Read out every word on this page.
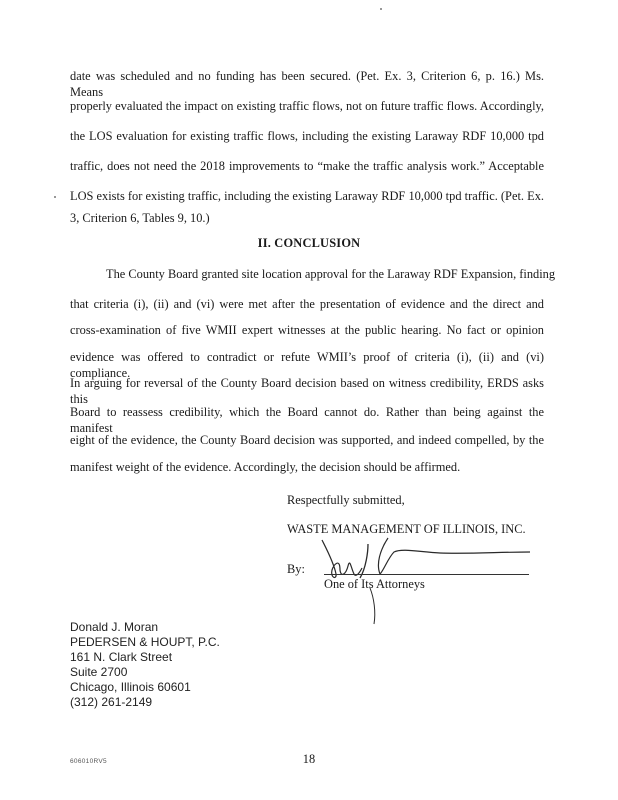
date was scheduled and no funding has been secured. (Pet. Ex. 3, Criterion 6, p. 16.) Ms. Means
properly evaluated the impact on existing traffic flows, not on future traffic flows. Accordingly,
the LOS evaluation for existing traffic flows, including the existing Laraway RDF 10,000 tpd
traffic, does not need the 2018 improvements to “make the traffic analysis work.” Acceptable
LOS exists for existing traffic, including the existing Laraway RDF 10,000 tpd traffic. (Pet. Ex.
3, Criterion 6, Tables 9, 10.)
II. CONCLUSION
The County Board granted site location approval for the Laraway RDF Expansion, finding
that criteria (i), (ii) and (vi) were met after the presentation of evidence and the direct and
cross-examination of five WMII expert witnesses at the public hearing. No fact or opinion
evidence was offered to contradict or refute WMII’s proof of criteria (i), (ii) and (vi) compliance.
In arguing for reversal of the County Board decision based on witness credibility, ERDS asks this
Board to reassess credibility, which the Board cannot do. Rather than being against the manifest
eight of the evidence, the County Board decision was supported, and indeed compelled, by the
manifest weight of the evidence. Accordingly, the decision should be affirmed.
Respectfully submitted,
WASTE MANAGEMENT OF ILLINOIS, INC.
By:
One of Its Attorneys
Donald J. Moran
PEDERSEN & HOUPT, P.C.
161 N. Clark Street
Suite 2700
Chicago, Illinois 60601
(312) 261-2149
606010RV5	18
